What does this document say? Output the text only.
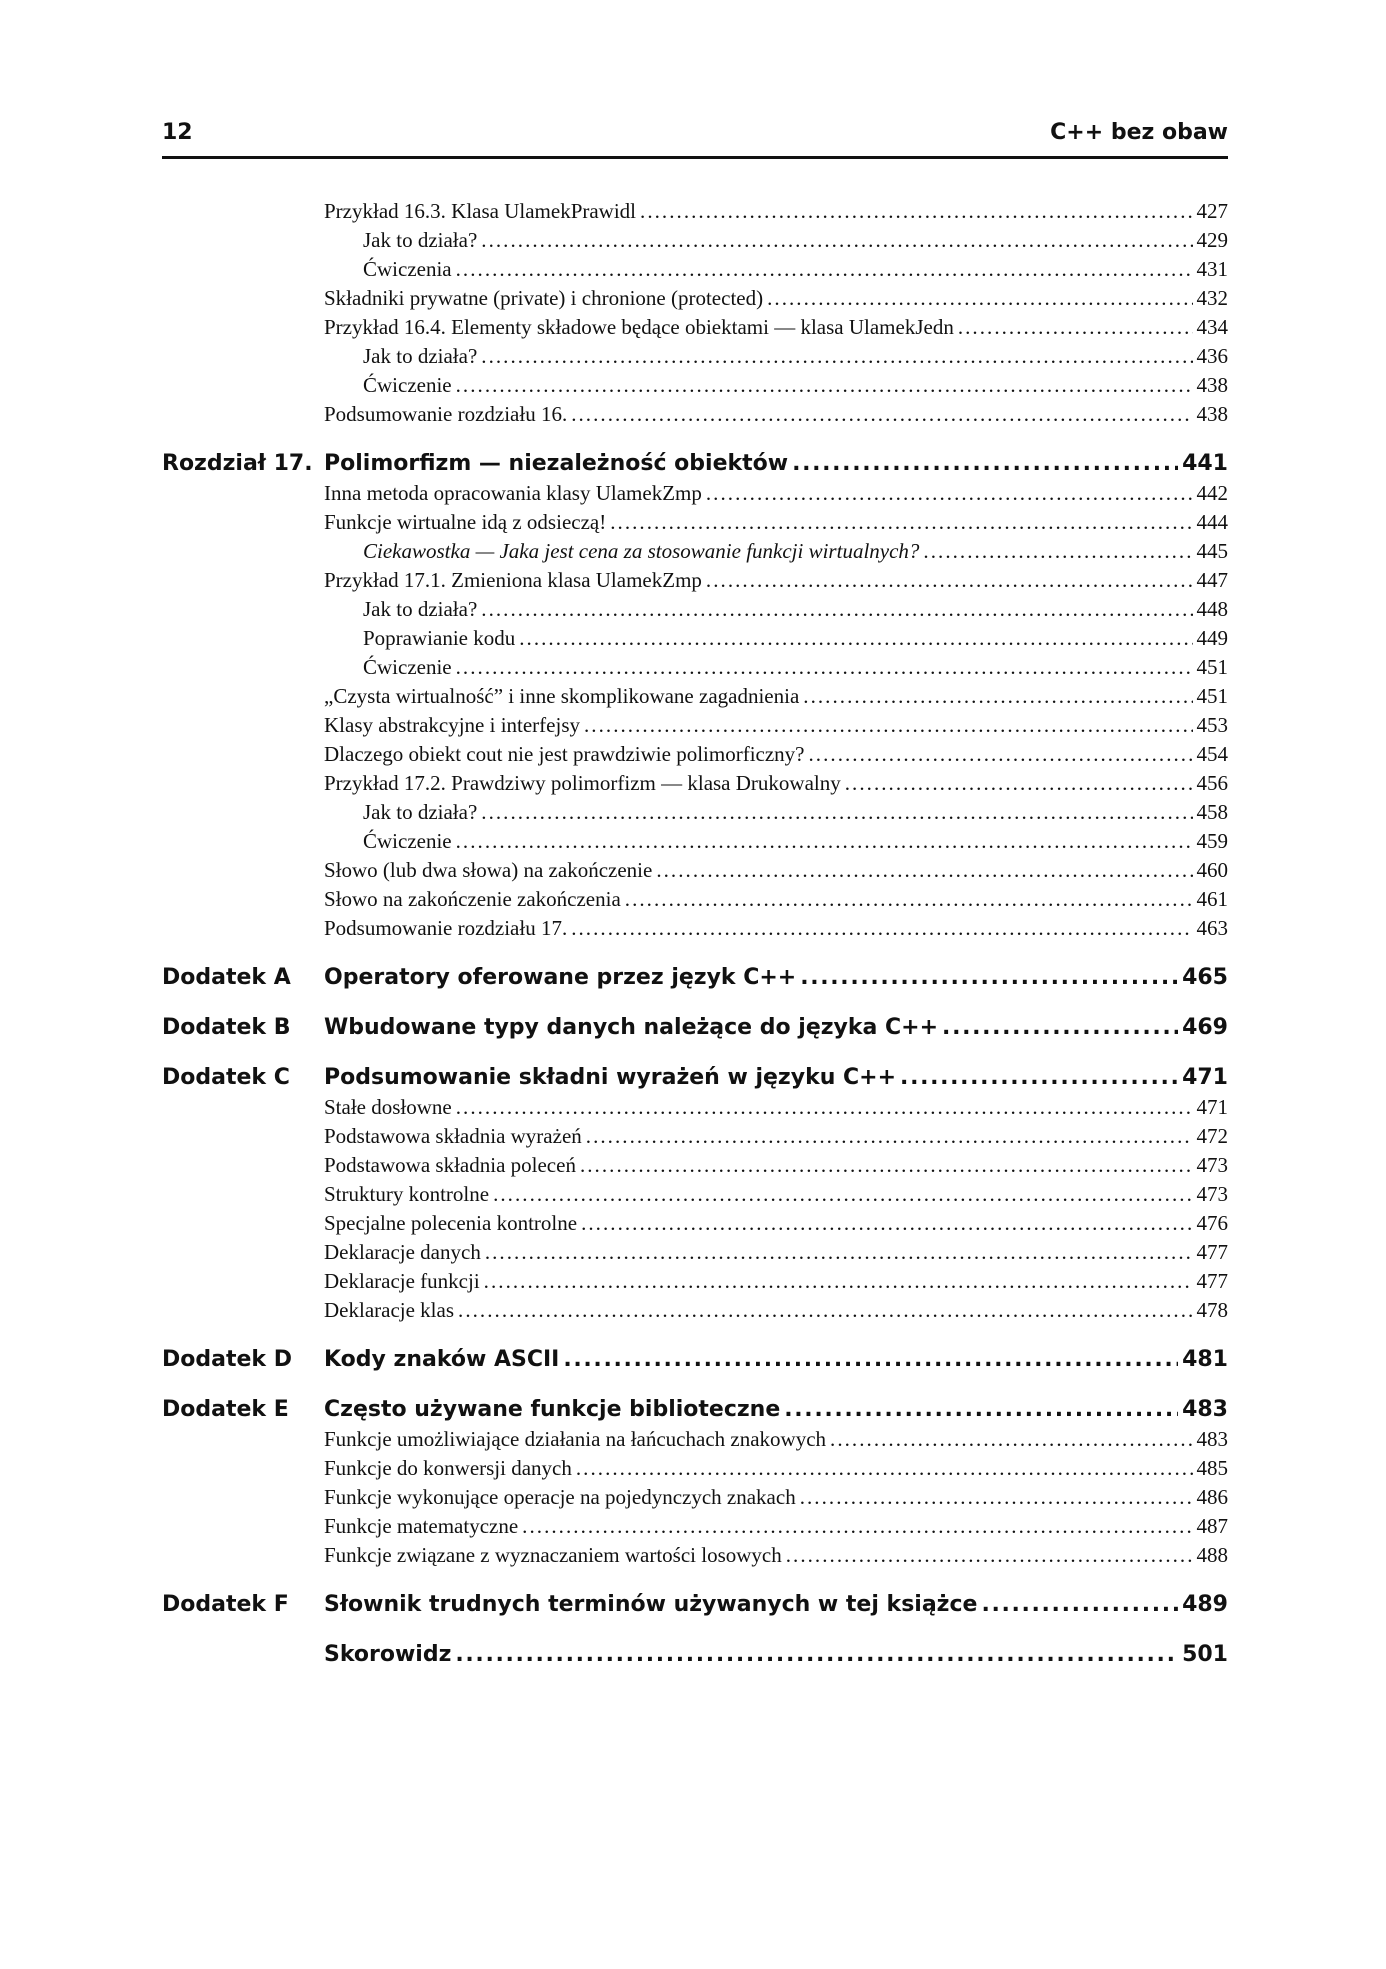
12	C++ bez obaw
Przykład 16.3. Klasa UlamekPrawidl . . .	427
Jak to działa? . . .	429
Ćwiczenia . . .	431
Składniki prywatne (private) i chronione (protected) . . .	432
Przykład 16.4. Elementy składowe będące obiektami — klasa UlamekJedn . . .	434
Jak to działa? . . .	436
Ćwiczenie . . .	438
Podsumowanie rozdziału 16. . . .	438
Rozdział 17. Polimorfizm — niezależność obiektów . . .	441
Inna metoda opracowania klasy UlamekZmp . . .	442
Funkcje wirtualne idą z odsieczą! . . .	444
Ciekawostka — Jaka jest cena za stosowanie funkcji wirtualnych? . . .	445
Przykład 17.1. Zmieniona klasa UlamekZmp . . .	447
Jak to działa? . . .	448
Poprawianie kodu . . .	449
Ćwiczenie . . .	451
„Czysta wirtualność” i inne skomplikowane zagadnienia . . .	451
Klasy abstrakcyjne i interfejsy . . .	453
Dlaczego obiekt cout nie jest prawdziwie polimorficzny? . . .	454
Przykład 17.2. Prawdziwy polimorfizm — klasa Drukowalny . . .	456
Jak to działa? . . .	458
Ćwiczenie . . .	459
Słowo (lub dwa słowa) na zakończenie . . .	460
Słowo na zakończenie zakończenia . . .	461
Podsumowanie rozdziału 17. . . .	463
Dodatek A Operatory oferowane przez język C++ . . .	465
Dodatek B Wbudowane typy danych należące do języka C++ . . .	469
Dodatek C Podsumowanie składni wyrażeń w języku C++ . . .	471
Stałe dosłowne . . .	471
Podstawowa składnia wyrażeń . . .	472
Podstawowa składnia poleceń . . .	473
Struktury kontrolne . . .	473
Specjalne polecenia kontrolne . . .	476
Deklaracje danych . . .	477
Deklaracje funkcji . . .	477
Deklaracje klas . . .	478
Dodatek D Kody znaków ASCII . . .	481
Dodatek E Często używane funkcje biblioteczne . . .	483
Funkcje umożliwiające działania na łańcuchach znakowych . . .	483
Funkcje do konwersji danych . . .	485
Funkcje wykonujące operacje na pojedynczych znakach . . .	486
Funkcje matematyczne . . .	487
Funkcje związane z wyznaczaniem wartości losowych . . .	488
Dodatek F Słownik trudnych terminów używanych w tej książce . . .	489
Skorowidz . . .	501
